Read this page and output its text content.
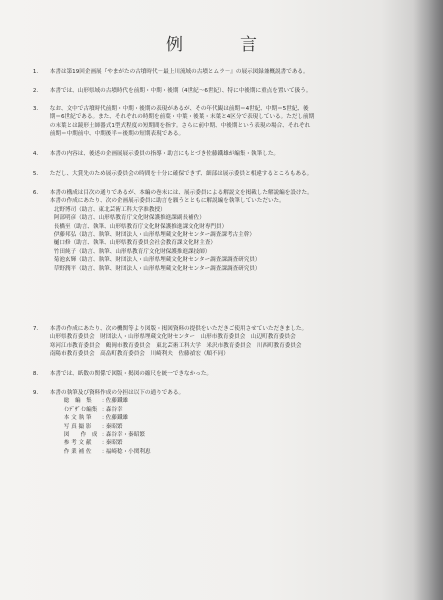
例　言
1． 本書は第19回企画展『やまがたの古墳時代－最上川流域の古墳とムラ－』の展示図録兼概説書である。
2． 本書では、山形県域の古墳時代を前期・中期・後期（4世紀～6世紀）、特に中後期に重点を置いて扱う。
3． なお、文中で古墳時代前期・中期・後期の表現があるが、その年代観は前期＝4世紀、中期＝5世紀、後
期＝6世紀である。また、それぞれの時期を前葉・中葉・後葉・末葉と4区分で表現している。ただし前期
の末葉とは鏡形土師器式1型式程度の短期間を指す。さらに前中期、中後期という表現の場合、それぞれ
前期＝中期前中、中期後半＝後期の短期表現である。
4． 本書の内容は、後述の企画展展示委員の指導・助言にもとづき佐藤鐵雄が編集・執筆した。
5． ただし、大賞先のため展示委員会の時間を十分に確保できず、細部は展示委員と相違するところもある。
6． 本書の構成は目次の通りであるが、本編の巻末には、展示委員による解説文を掲載した解説編を設けた。
本書の作成にあたり、次の企画展示委員に助言を願うとともに解説編を執筆していただいた。
北野博司（助言、東北芸術工科大学准教授）
阿部明彦（助言、山形県教育庁文化財保護推進課副長補佐）
長橋至（助言、執筆、山形県教育庁文化財保護推進課文化財専門員）
伊藤邦弘（助言、執筆、財団法人・山形県埋蔵文化財センター調査課考古主幹）
樋口修（助言、執筆、山形県教育委員会社会教育課文化財主査）
竹田純子（助言、執筆、山形県教育庁文化財保護推進課技師）
菊池玄輝（助言、執筆、財団法人・山形県埋蔵文化財センター調査課調査研究員）
草野潤平（助言、執筆、財団法人・山形県埋蔵文化財センター調査課調査研究員）
7． 本書の作成にあたり、次の機関等より図版・掲図資料の提供をいただきご使用させていただきました。
山形県教育委員会　財団法人・山形県埋蔵文化財センター　山形市教育委員会　山辺町教育委員会
寒河江市教育委員会　鶴岡市教育委員会　東北芸術工科大学　米沢市教育委員会　川西町教育委員会
南陽市教育委員会　高畠町教育委員会　川崎利夫　佐藤禎宏（順不同）
8． 本書では、紙数の関係で図版・掲図の縮尺を統一できなかった。
9． 本書の執筆及び資料作成の分担は以下の通りである。
総　編　集	：
佐藤鐵雄
ｲﾝﾃﾞｻﾞｲﾝ編集 ：
森谷幸
本 文 執 筆	：
佐藤鐵雄
写 真 撮 影	：
秦昭繁
図　　作　成 ：
森谷幸・秦昭繁
参 考 文 献	：
秦昭繁
作 業 補 佐	：
福崎稔・小関利恵
